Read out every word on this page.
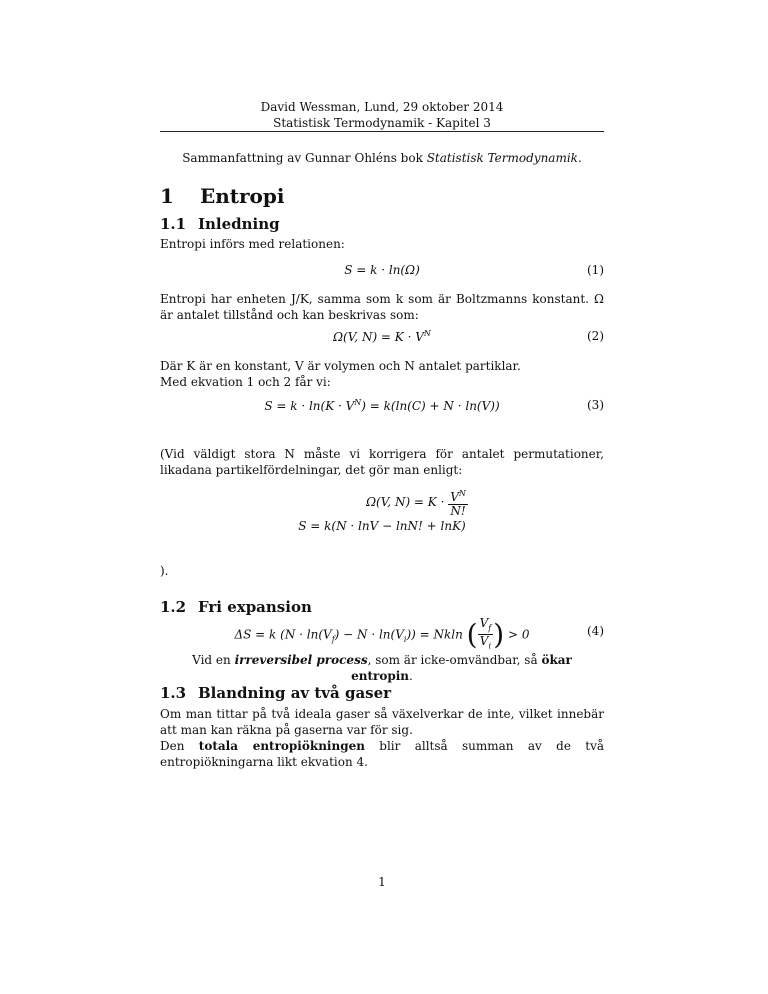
David Wessman, Lund, 29 oktober 2014
Statistisk Termodynamik - Kapitel 3
Sammanfattning av Gunnar Ohléns bok Statistisk Termodynamik.
1 Entropi
1.1 Inledning
Entropi införs med relationen:
S = k · ln(Ω)	(1)
Entropi har enheten J/K, samma som k som är Boltzmanns konstant. Ω är antalet tillstånd och kan beskrivas som:
Ω(V, $N) = K \cdot V^N$	(2)
Där K är en konstant, V är volymen och N antalet partiklar.
Med ekvation 1 och 2 får vi:
$S = k \cdot \ln(K \cdot V^N) = k(\ln(C) + N \cdot \ln(V))$	(3)
(Vid väldigt stora N måste vi korrigera för antalet permutationer, likadana partikelfördelningar, det gör man enligt:
Ω(V, $N) = K \cdot \frac{V^N}{N!}$
S = k(N · lnV − lnN! + lnK)
).
1.2 Fri expansion
ΔS = k $(N \cdot \ln(V_f) - N \cdot \ln(V_i)) = Nkln$ ( $\frac{V_f}{V_i}$ ) > 0	(4)
Vid en irreversibel process, som är icke-omvändbar, så ökar entropin.
1.3 Blandning av två gaser
Om man tittar på två ideala gaser så växelverkar de inte, vilket innebär att man kan räkna på gaserna var för sig.
Den totala entropiökningen blir alltså summan av de två entropiökningarna likt ekvation 4.
1
